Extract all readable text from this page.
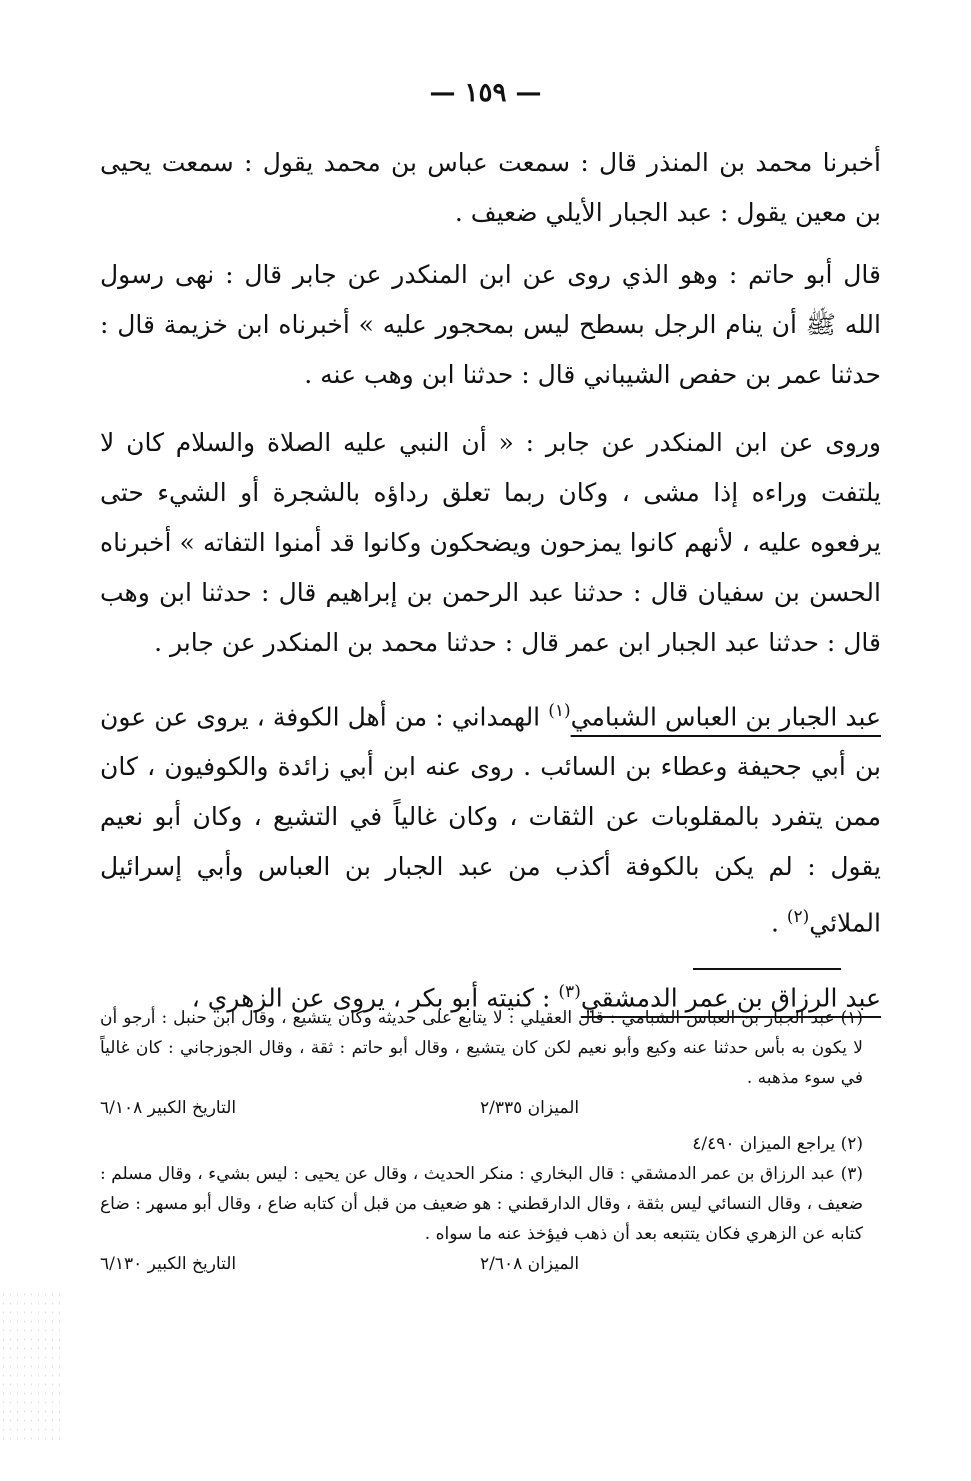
— ١٥٩ —

أخبرنا محمد بن المنذر قال : سمعت عباس بن محمد يقول : سمعت يحيى بن معين يقول : عبد الجبار الأيلي ضعيف .

قال أبو حاتم : وهو الذي روى عن ابن المنكدر عن جابر قال : نهى رسول الله ﷺ أن ينام الرجل بسطح ليس بمحجور عليه » أخبرناه ابن خزيمة قال : حدثنا عمر بن حفص الشيباني قال : حدثنا ابن وهب عنه .

وروى عن ابن المنكدر عن جابر : « أن النبي عليه الصلاة والسلام كان لا يلتفت وراءه إذا مشى ، وكان ربما تعلق رداؤه بالشجرة أو الشيء حتى يرفعوه عليه ، لأنهم كانوا يمزحون ويضحكون وكانوا قد أمنوا التفاته » أخبرناه الحسن بن سفيان قال : حدثنا عبد الرحمن بن إبراهيم قال : حدثنا ابن وهب قال : حدثنا عبد الجبار ابن عمر قال : حدثنا محمد بن المنكدر عن جابر .

عبد الجبار بن العباس الشبامي$^{(١)}$ الهمداني : من أهل الكوفة ، يروى عن عون بن أبي جحيفة وعطاء بن السائب . روى عنه ابن أبي زائدة والكوفيون ، كان ممن يتفرد بالمقلوبات عن الثقات ، وكان غالياً في التشيع ، وكان أبو نعيم يقول : لم يكن بالكوفة أكذب من عبد الجبار بن العباس وأبي إسرائيل الملائي$^{(٢)}$ .

عبد الرزاق بن عمر الدمشقي$^{(٣)}$ : كنيته أبو بكر ، يروى عن الزهري ،

(١) عبد الجبار بن العباس الشبامي : قال العقيلي : لا يتابع على حديثه وكان يتشيع ، وقال ابن حنبل : أرجو أن لا يكون به بأس حدثنا عنه وكيع وأبو نعيم لكن كان يتشيع ، وقال أبو حاتم : ثقة ، وقال الجوزجاني : كان غالياً في سوء مذهبه .

الميزان ٢/٣٣٥
التاريخ الكبير ٦/١٠٨

(٢) يراجع الميزان ٤/٤٩٠

(٣) عبد الرزاق بن عمر الدمشقي : قال البخاري : منكر الحديث ، وقال عن يحيى : ليس بشيء ، وقال مسلم : ضعيف ، وقال النسائي ليس بثقة ، وقال الدارقطني : هو ضعيف من قبل أن كتابه ضاع ، وقال أبو مسهر : ضاع كتابه عن الزهري فكان يتتبعه بعد أن ذهب فيؤخذ عنه ما سواه .

الميزان ٢/٦٠٨
التاريخ الكبير ٦/١٣٠
